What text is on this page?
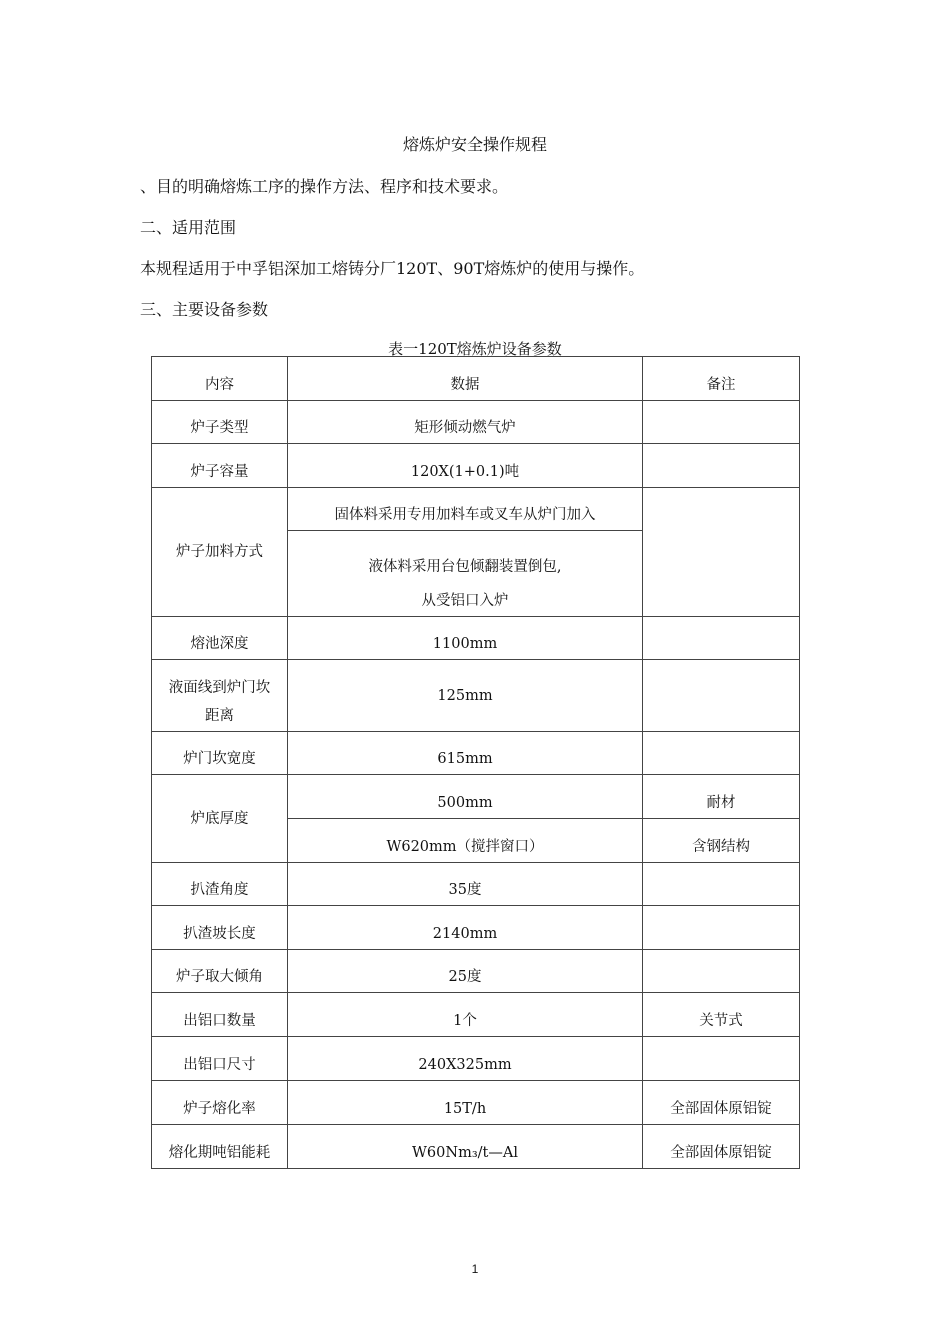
熔炼炉安全操作规程
、目的明确熔炼工序的操作方法、程序和技术要求。
二、适用范围
本规程适用于中孚铝深加工熔铸分厂120T、90T熔炼炉的使用与操作。
三、主要设备参数
表一120T熔炼炉设备参数
内容	数据	备注
炉子类型	矩形倾动燃气炉	
炉子容量	120X(1+0.1)吨	
炉子加料方式	固体料采用专用加料车或叉车从炉门加入	

	液体料采用台包倾翻装置倒包,
从受铝口入炉	

熔池深度	1100mm	

液面线到炉门坎
距离	125mm	
炉门坎宽度	615mm	
炉底厚度	500mm	耐材
	W620mm（搅拌窗口）	含钢结构
扒渣角度	35度	
扒渣坡长度	2140mm	
炉子取大倾角	25度	
出铝口数量	1个	关节式
出铝口尺寸	240X325mm	
炉子熔化率	15T/h	全部固体原铝锭
熔化期吨铝能耗	W60Nm₃/t—Al	全部固体原铝锭
1
